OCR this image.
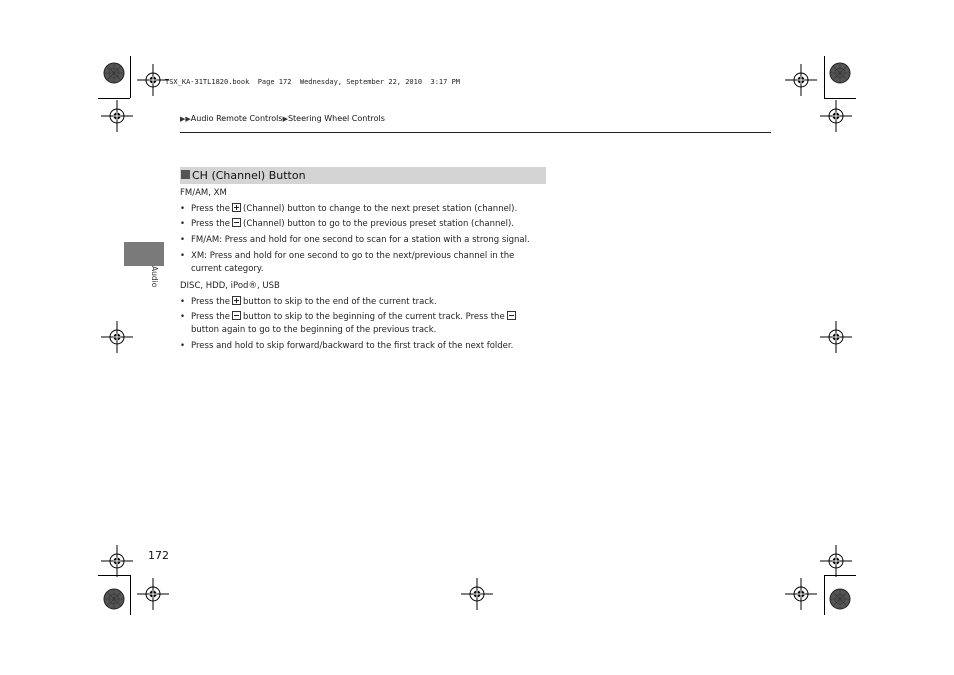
TSX_KA-31TL1820.book  Page 172  Wednesday, September 22, 2010  3:17 PM
▶▶Audio Remote Controls▶Steering Wheel Controls
Audio
CH (Channel) Button
FM/AM, XM
• Press the (Channel) button to change to the next preset station (channel).
• Press the (Channel) button to go to the previous preset station (channel).
• FM/AM: Press and hold for one second to scan for a station with a strong signal.
• XM: Press and hold for one second to go to the next/previous channel in the current category.
DISC, HDD, iPod®, USB
• Press the button to skip to the end of the current track.
• Press the button to skip to the beginning of the current track. Press thebutton again to go to the beginning of the previous track.
• Press and hold to skip forward/backward to the first track of the next folder.
172
